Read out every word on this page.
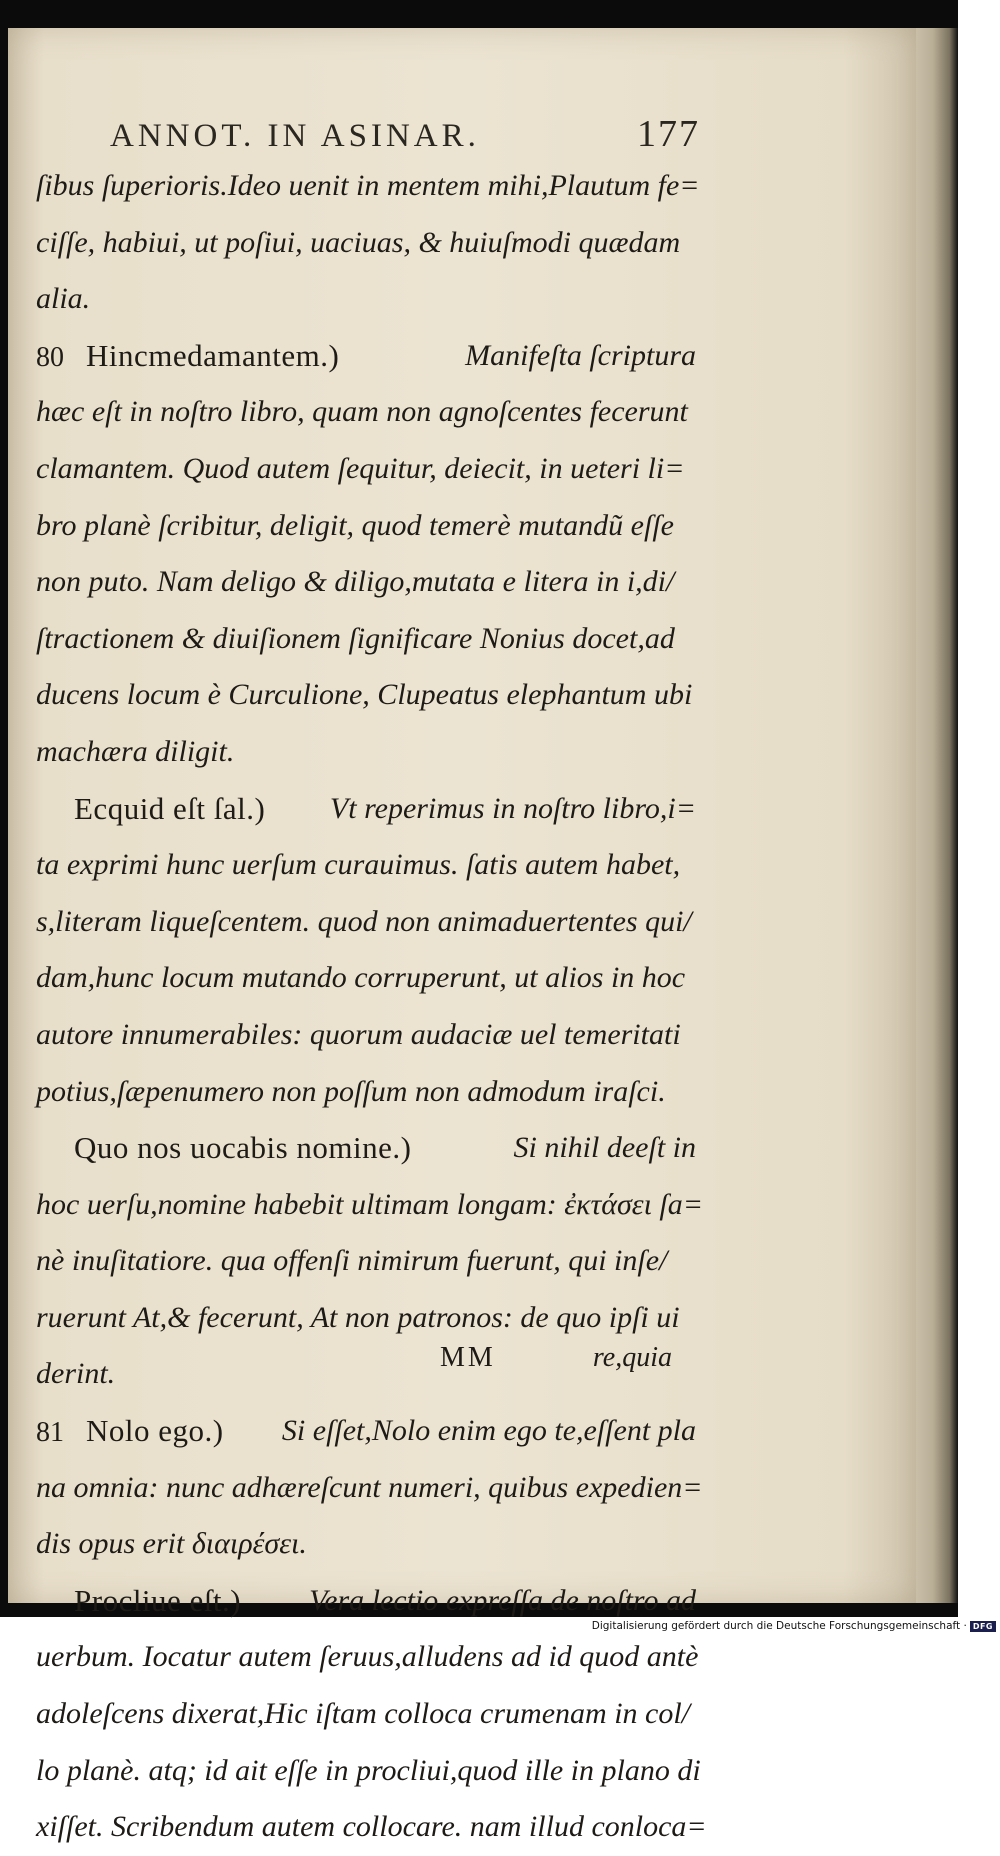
ANNOT. IN ASINAR.	177
ſibus ſuperioris.Ideo uenit in mentem mihi,Plautum fe=
ciſſe, habiui, ut poſiui, uaciuas, & huiuſmodi quædam
alia.
80 Hincmedamantem.)	Manifeſta ſcriptura
hæc eſt in noſtro libro, quam non agnoſcentes fecerunt
clamantem. Quod autem ſequitur, deiecit, in ueteri li=
bro planè ſcribitur, deligit, quod temerè mutandũ eſſe
non puto. Nam deligo & diligo,mutata e litera in i,di/
ſtractionem & diuiſionem ſignificare Nonius docet,ad
ducens locum è Curculione, Clupeatus elephantum ubi
machæra diligit.
Ecquid eſt ſal.) Vt reperimus in noſtro libro,i=
ta exprimi hunc uerſum curauimus. ſatis autem habet,
s,literam liqueſcentem. quod non animaduertentes qui/
dam,hunc locum mutando corruperunt, ut alios in hoc
autore innumerabiles: quorum audaciæ uel temeritati
potius,ſæpenumero non poſſum non admodum iraſci.
Quo nos uocabis nomine.)	Si nihil deeſt in
hoc uerſu,nomine habebit ultimam longam: ἐκτάσει ſa=
nè inuſitatiore. qua offenſi nimirum fuerunt, qui inſe/
ruerunt At,& fecerunt, At non patronos: de quo ipſi ui
derint.
81 Nolo ego.) Si eſſet,Nolo enim ego te,eſſent pla
na omnia: nunc adhæreſcunt numeri, quibus expedien=
dis opus erit διαιρέσει.
Procliue eſt.) Vera lectio expreſſa de noſtro ad
uerbum. Iocatur autem ſeruus,alludens ad id quod antè
adoleſcens dixerat,Hic iſtam colloca crumenam in col/
lo planè. atq; id ait eſſe in procliui,quod ille in plano di
xiſſet. Scribendum autem collocare. nam illud conloca=
MM	re,quia
Digitalisierung gefördert durch die Deutsche Forschungsgemeinschaft · DFG
